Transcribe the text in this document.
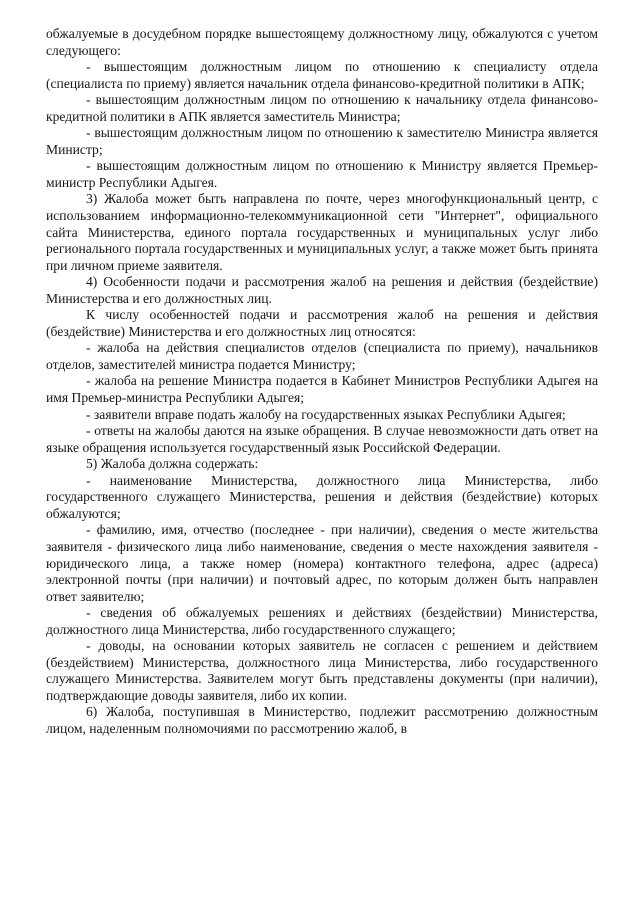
обжалуемые в досудебном порядке вышестоящему должностному лицу, обжалуются с учетом следующего:

- вышестоящим должностным лицом по отношению к специалисту отдела (специалиста по приему) является начальник отдела финансово-кредитной политики в АПК;

- вышестоящим должностным лицом по отношению к начальнику отдела финансово-кредитной политики в АПК является заместитель Министра;

- вышестоящим должностным лицом по отношению к заместителю Министра является Министр;

- вышестоящим должностным лицом по отношению к Министру является Премьер-министр Республики Адыгея.

3) Жалоба может быть направлена по почте, через многофункциональный центр, с использованием информационно-телекоммуникационной сети "Интернет", официального сайта Министерства, единого портала государственных и муниципальных услуг либо регионального портала государственных и муниципальных услуг, а также может быть принята при личном приеме заявителя.

4) Особенности подачи и рассмотрения жалоб на решения и действия (бездействие) Министерства и его должностных лиц.

К числу особенностей подачи и рассмотрения жалоб на решения и действия (бездействие) Министерства и его должностных лиц относятся:

- жалоба на действия специалистов отделов (специалиста по приему), начальников отделов, заместителей министра подается Министру;

- жалоба на решение Министра подается в Кабинет Министров Республики Адыгея на имя Премьер-министра Республики Адыгея;

- заявители вправе подать жалобу на государственных языках Республики Адыгея;

- ответы на жалобы даются на языке обращения. В случае невозможности дать ответ на языке обращения используется государственный язык Российской Федерации.

5) Жалоба должна содержать:

- наименование Министерства, должностного лица Министерства, либо государственного служащего Министерства, решения и действия (бездействие) которых обжалуются;

- фамилию, имя, отчество (последнее - при наличии), сведения о месте жительства заявителя - физического лица либо наименование, сведения о месте нахождения заявителя - юридического лица, а также номер (номера) контактного телефона, адрес (адреса) электронной почты (при наличии) и почтовый адрес, по которым должен быть направлен ответ заявителю;

- сведения об обжалуемых решениях и действиях (бездействии) Министерства, должностного лица Министерства, либо государственного служащего;

- доводы, на основании которых заявитель не согласен с решением и действием (бездействием) Министерства, должностного лица Министерства, либо государственного служащего Министерства. Заявителем могут быть представлены документы (при наличии), подтверждающие доводы заявителя, либо их копии.

6) Жалоба, поступившая в Министерство, подлежит рассмотрению должностным лицом, наделенным полномочиями по рассмотрению жалоб, в
